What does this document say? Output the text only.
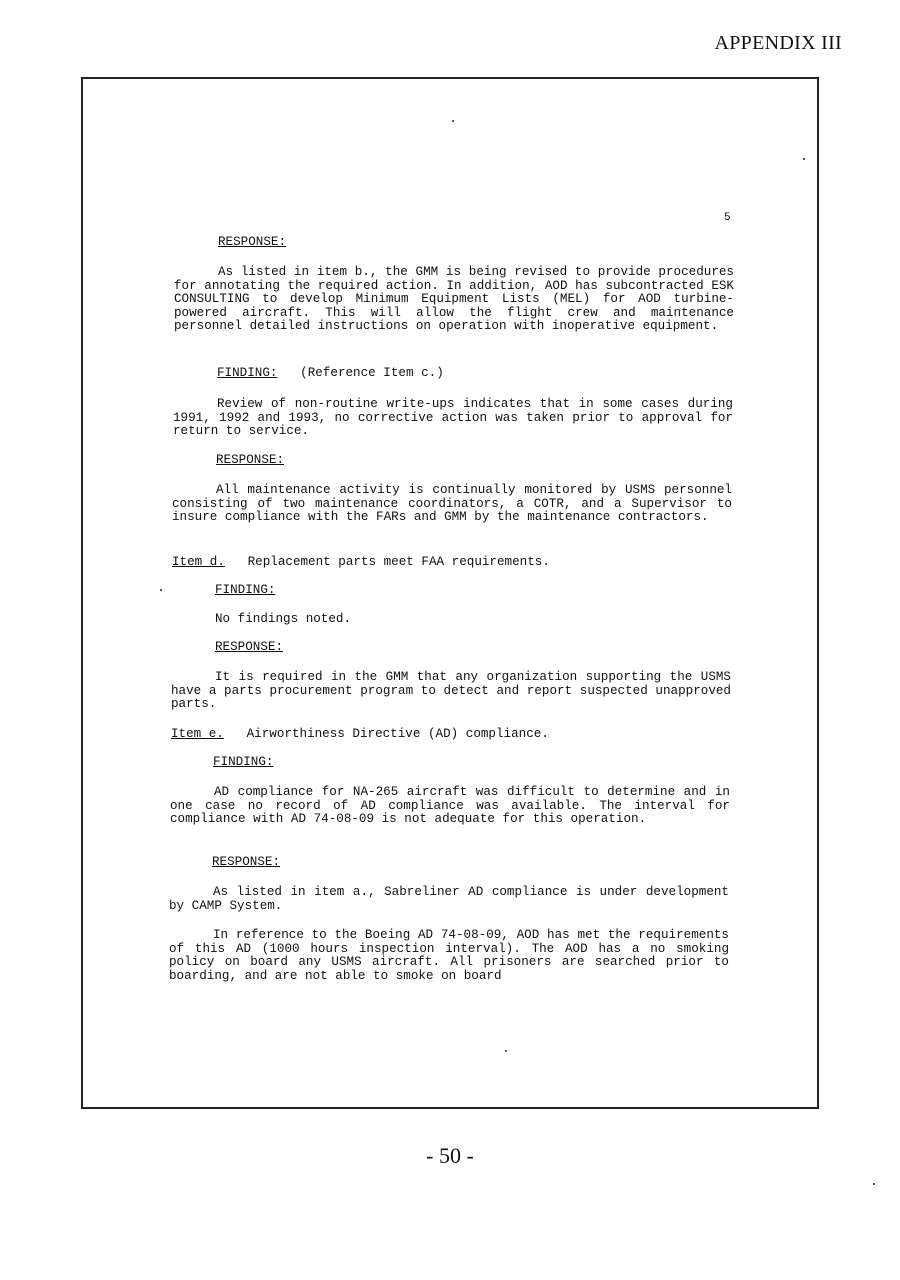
APPENDIX III
5
RESPONSE:
As listed in item b., the GMM is being revised to provide procedures for annotating the required action. In addition, AOD has subcontracted ESK CONSULTING to develop Minimum Equipment Lists (MEL) for AOD turbine-powered aircraft. This will allow the flight crew and maintenance personnel detailed instructions on operation with inoperative equipment.
FINDING: (Reference Item c.)
Review of non-routine write-ups indicates that in some cases during 1991, 1992 and 1993, no corrective action was taken prior to approval for return to service.
RESPONSE:
All maintenance activity is continually monitored by USMS personnel consisting of two maintenance coordinators, a COTR, and a Supervisor to insure compliance with the FARs and GMM by the maintenance contractors.
Item d. Replacement parts meet FAA requirements.
FINDING:
No findings noted.
RESPONSE:
It is required in the GMM that any organization supporting the USMS have a parts procurement program to detect and report suspected unapproved parts.
Item e. Airworthiness Directive (AD) compliance.
FINDING:
AD compliance for NA-265 aircraft was difficult to determine and in one case no record of AD compliance was available. The interval for compliance with AD 74-08-09 is not adequate for this operation.
RESPONSE:
As listed in item a., Sabreliner AD compliance is under development by CAMP System.
In reference to the Boeing AD 74-08-09, AOD has met the requirements of this AD (1000 hours inspection interval). The AOD has a no smoking policy on board any USMS aircraft. All prisoners are searched prior to boarding, and are not able to smoke on board
- 50 -
